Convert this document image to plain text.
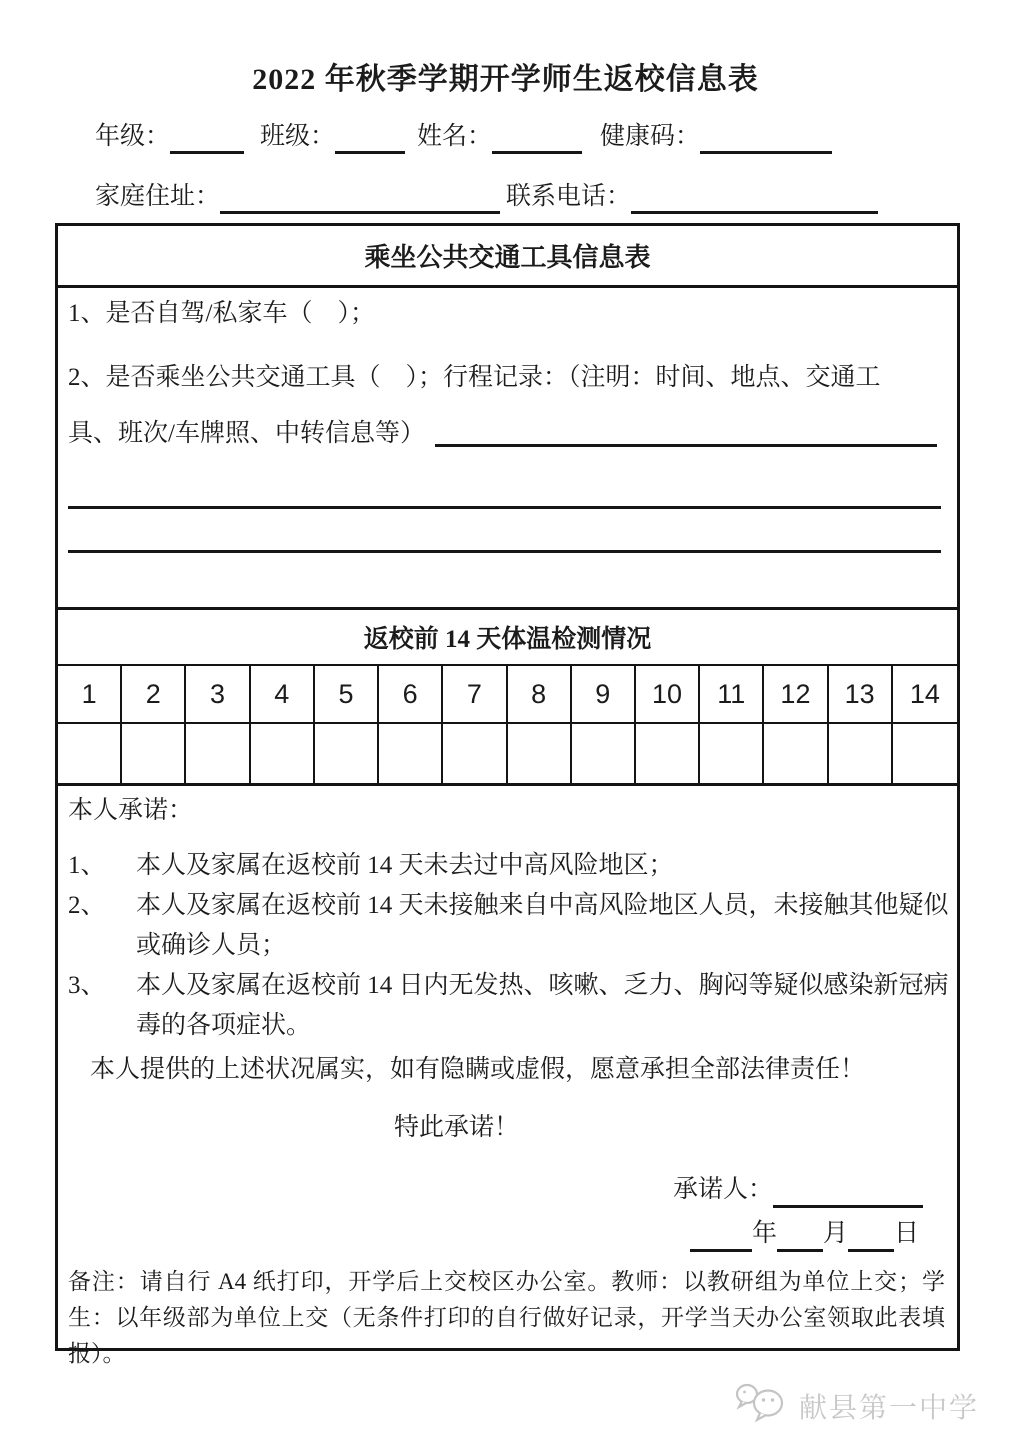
2022 年秋季学期开学师生返校信息表
年级：	班级：	姓名：	健康码：
家庭住址：	联系电话：
乘坐公共交通工具信息表
1、是否自驾/私家车（　）；
2、是否乘坐公共交通工具（　）；行程记录：（注明：时间、地点、交通工
具、班次/车牌照、中转信息等）
返校前 14 天体温检测情况
1	2	3	4	5	6	7	8	9	10	11	12	13	14
本人承诺：
1、	本人及家属在返校前 14 天未去过中高风险地区；
2、	本人及家属在返校前 14 天未接触来自中高风险地区人员，未接触其他疑似或确诊人员；
3、	本人及家属在返校前 14 日内无发热、咳嗽、乏力、胸闷等疑似感染新冠病毒的各项症状。
本人提供的上述状况属实，如有隐瞒或虚假，愿意承担全部法律责任！
特此承诺！
承诺人：
年 月 日
备注：请自行 A4 纸打印，开学后上交校区办公室。教师：以教研组为单位上交；学生：以年级部为单位上交（无条件打印的自行做好记录，开学当天办公室领取此表填报）。
献县第一中学
